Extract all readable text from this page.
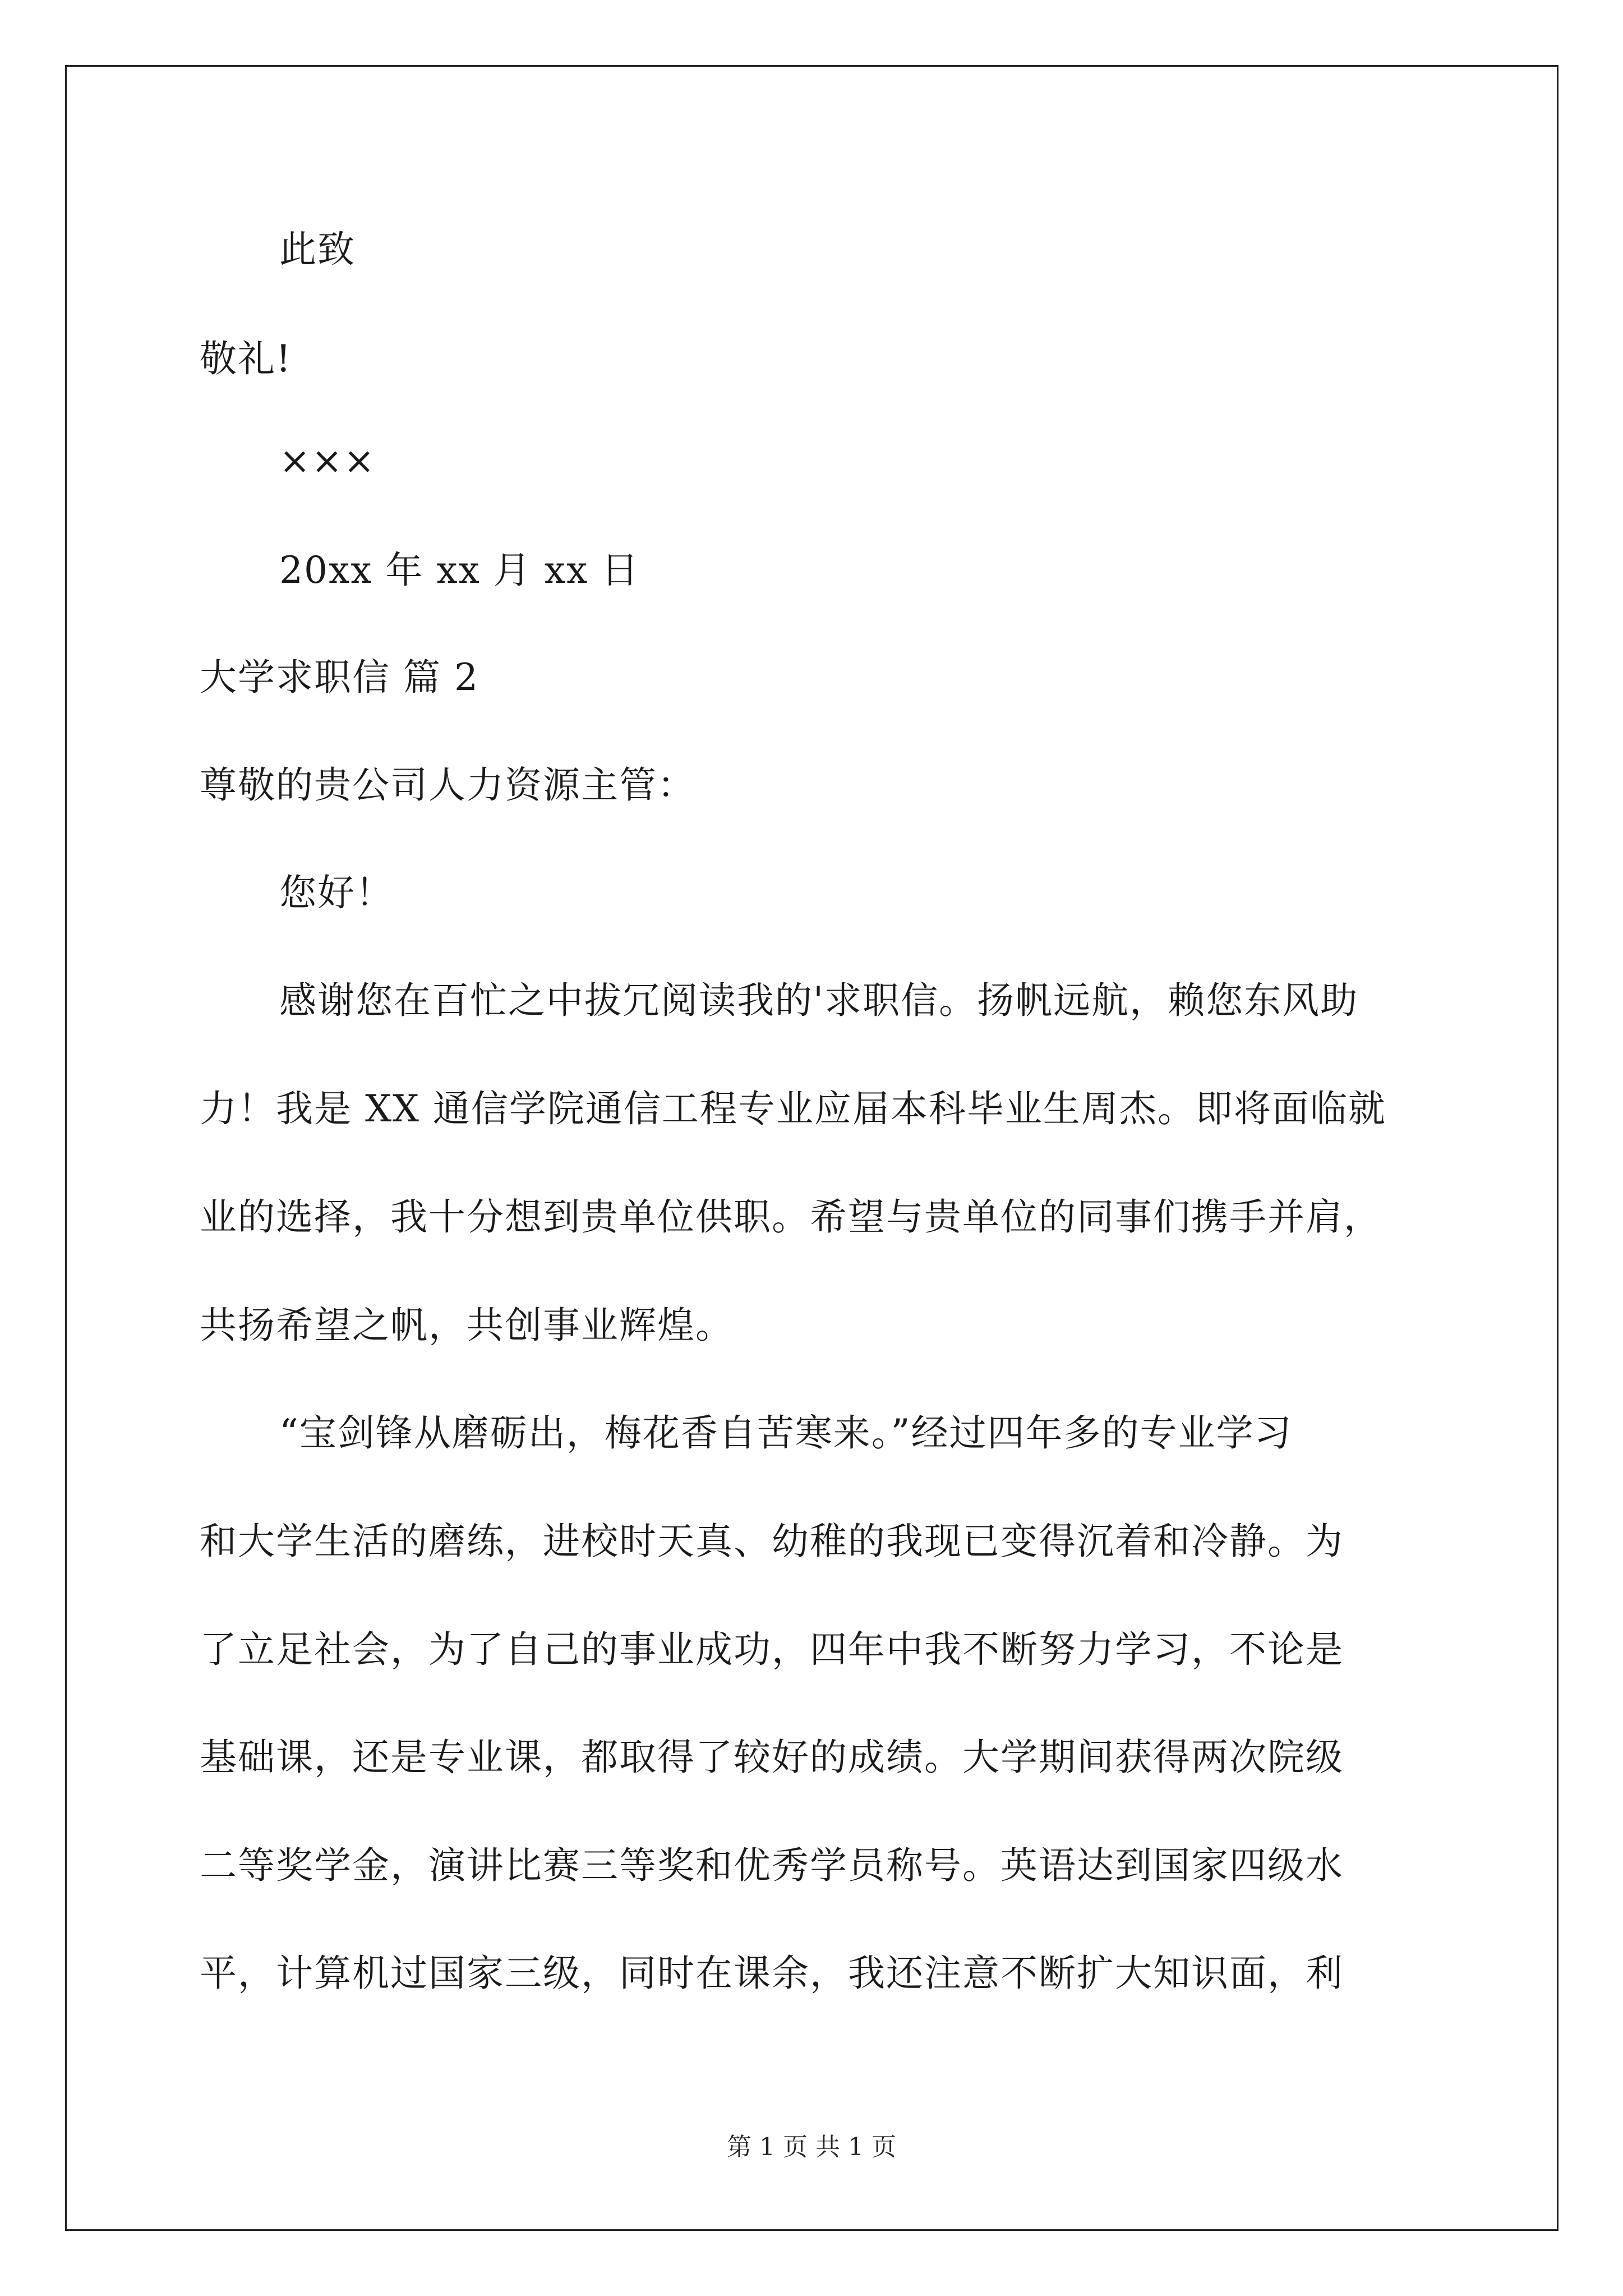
此致
敬礼!
×××
20xx 年 xx 月 xx 日
大学求职信 篇 2
尊敬的贵公司人力资源主管：
您好！
感谢您在百忙之中拔冗阅读我的'求职信。扬帆远航，赖您东风助
力！我是 XX 通信学院通信工程专业应届本科毕业生周杰。即将面临就
业的选择，我十分想到贵单位供职。希望与贵单位的同事们携手并肩，
共扬希望之帆，共创事业辉煌。
“宝剑锋从磨砺出，梅花香自苦寒来。”经过四年多的专业学习
和大学生活的磨练，进校时天真、幼稚的我现已变得沉着和冷静。为
了立足社会，为了自己的事业成功，四年中我不断努力学习，不论是
基础课，还是专业课，都取得了较好的成绩。大学期间获得两次院级
二等奖学金，演讲比赛三等奖和优秀学员称号。英语达到国家四级水
平，计算机过国家三级，同时在课余，我还注意不断扩大知识面，利
第 1 页 共 1 页
